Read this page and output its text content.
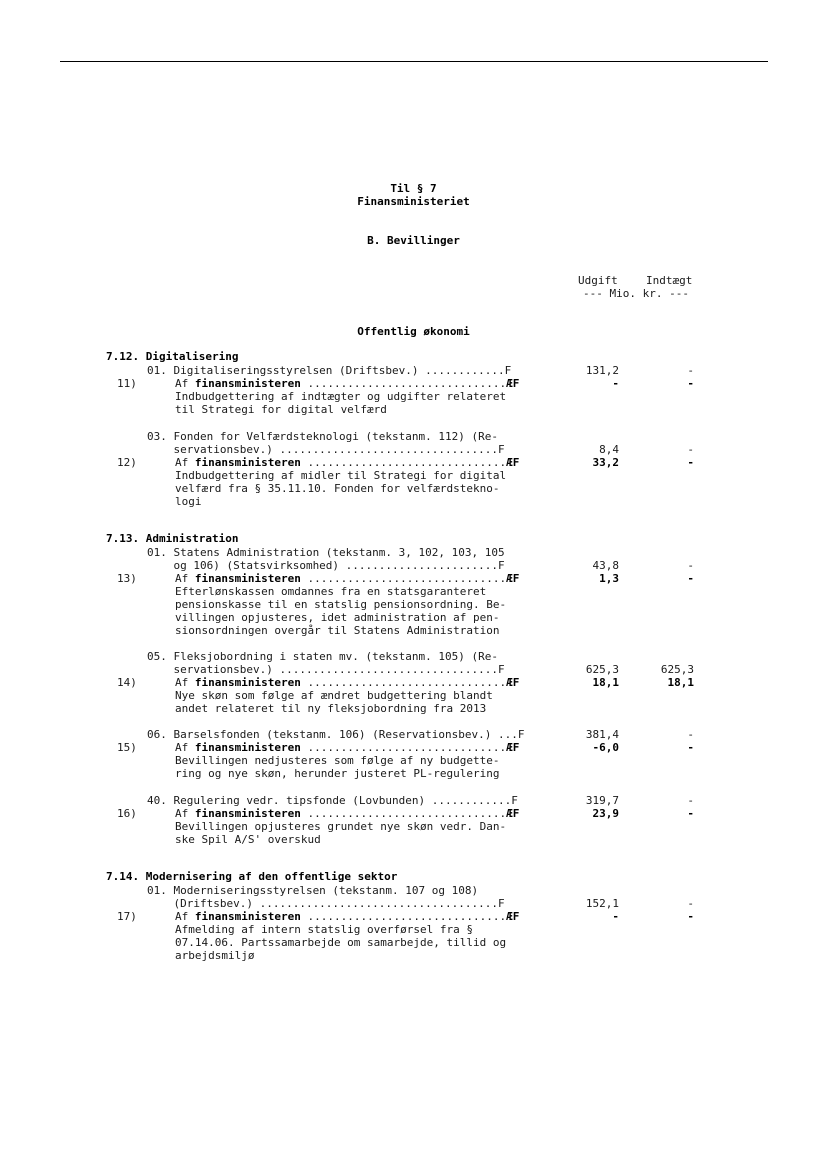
Til § 7
Finansministeriet
B. Bevillinger
Udgift	Indtægt
--- Mio. kr. ---
Offentlig økonomi
7.12. Digitalisering
01. Digitaliseringsstyrelsen (Driftsbev.) ............F	131,2	-
11)	Af finansministeren ..............................ÆF	-	-
Indbudgettering af indtægter og udgifter relateret
til Strategi for digital velfærd
03. Fonden for Velfærdsteknologi (tekstanm. 112) (Re-
servationsbev.) .................................F	8,4	-
12)	Af finansministeren ..............................ÆF	33,2	-
Indbudgettering af midler til Strategi for digital
velfærd fra § 35.11.10. Fonden for velfærdstekno-
logi
7.13. Administration
01. Statens Administration (tekstanm. 3, 102, 103, 105
og 106) (Statsvirksomhed) .......................F	43,8	-
13)	Af finansministeren ..............................ÆF	1,3	-
Efterlønskassen omdannes fra en statsgaranteret
pensionskasse til en statslig pensionsordning. Be-
villingen opjusteres, idet administration af pen-
sionsordningen overgår til Statens Administration
05. Fleksjobordning i staten mv. (tekstanm. 105) (Re-
servationsbev.) .................................F	625,3	625,3
14)	Af finansministeren ..............................ÆF	18,1	18,1
Nye skøn som følge af ændret budgettering blandt
andet relateret til ny fleksjobordning fra 2013
06. Barselsfonden (tekstanm. 106) (Reservationsbev.) ...F	381,4	-
15)	Af finansministeren ..............................ÆF	-6,0	-
Bevillingen nedjusteres som følge af ny budgette-
ring og nye skøn, herunder justeret PL-regulering
40. Regulering vedr. tipsfonde (Lovbunden) ............F	319,7	-
16)	Af finansministeren ..............................ÆF	23,9	-
Bevillingen opjusteres grundet nye skøn vedr. Dan-
ske Spil A/S' overskud
7.14. Modernisering af den offentlige sektor
01. Moderniseringsstyrelsen (tekstanm. 107 og 108)
(Driftsbev.) ....................................F	152,1	-
17)	Af finansministeren ..............................ÆF	-	-
Afmelding af intern statslig overførsel fra §
07.14.06. Partssamarbejde om samarbejde, tillid og
arbejdsmiljø
